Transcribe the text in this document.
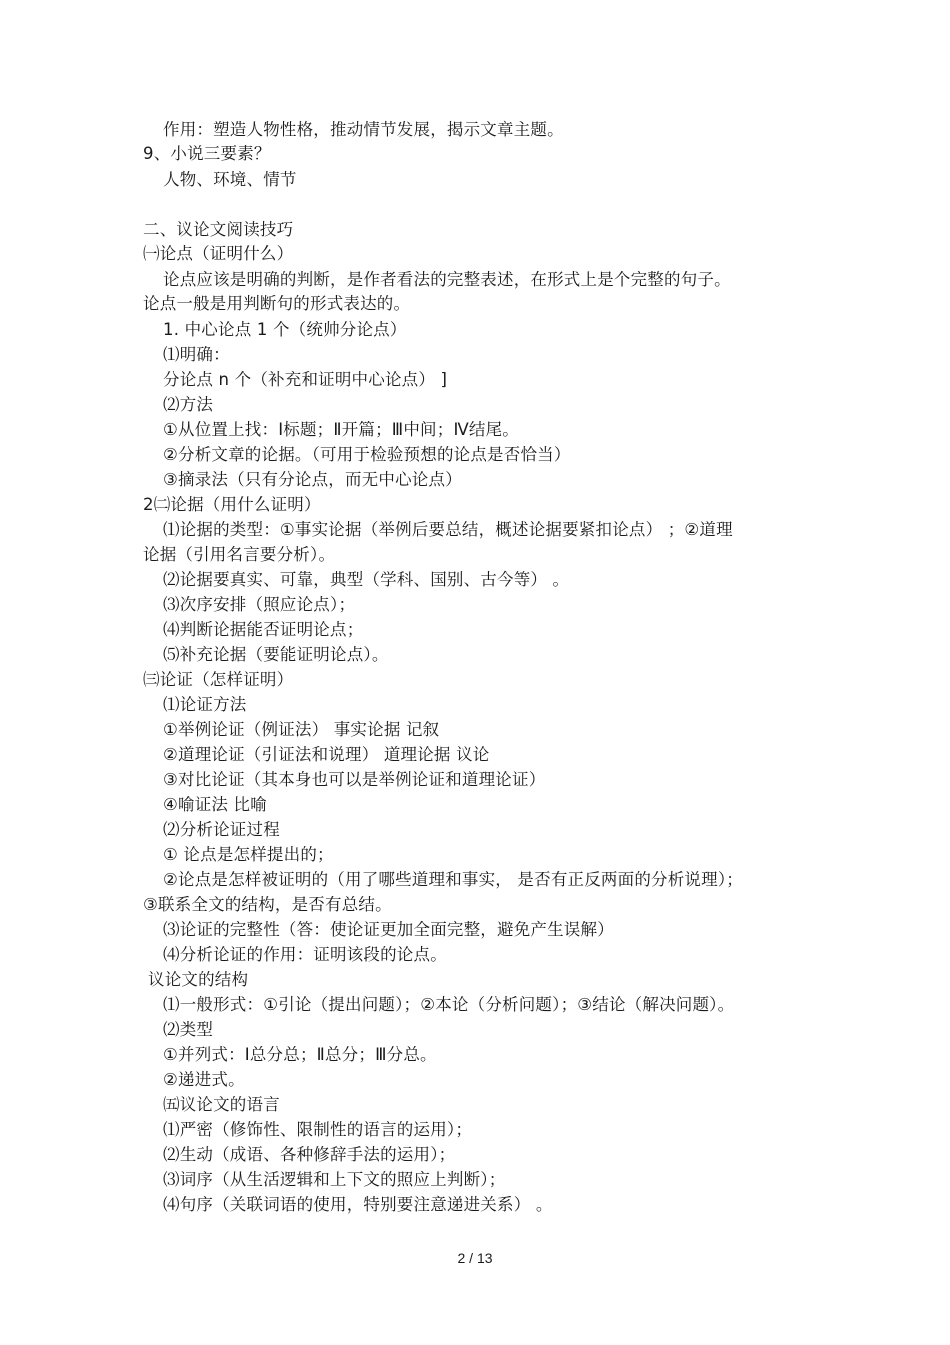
作用：塑造人物性格，推动情节发展，揭示文章主题。
9、小说三要素？
人物、环境、情节
二、议论文阅读技巧
㈠论点（证明什么）
论点应该是明确的判断，是作者看法的完整表述，在形式上是个完整的句子。
论点一般是用判断句的形式表达的。
1. 中心论点 1 个（统帅分论点）
⑴明确：
分论点 n 个（补充和证明中心论点） ]
⑵方法
①从位置上找：Ⅰ标题；Ⅱ开篇；Ⅲ中间；Ⅳ结尾。
②分析文章的论据。（可用于检验预想的论点是否恰当）
③摘录法（只有分论点，而无中心论点）
2㈡论据（用什么证明）
⑴论据的类型：①事实论据（举例后要总结，概述论据要紧扣论点） ；②道理
论据（引用名言要分析）。
⑵论据要真实、可靠，典型（学科、国别、古今等） 。
⑶次序安排（照应论点）；
⑷判断论据能否证明论点；
⑸补充论据（要能证明论点）。
㈢论证（怎样证明）
⑴论证方法
①举例论证（例证法） 事实论据 记叙
②道理论证（引证法和说理） 道理论据 议论
③对比论证（其本身也可以是举例论证和道理论证）
④喻证法 比喻
⑵分析论证过程
① 论点是怎样提出的；
②论点是怎样被证明的（用了哪些道理和事实， 是否有正反两面的分析说理）；
③联系全文的结构，是否有总结。
⑶论证的完整性（答：使论证更加全面完整，避免产生误解）
⑷分析论证的作用：证明该段的论点。
议论文的结构
⑴一般形式：①引论（提出问题）；②本论（分析问题）；③结论（解决问题）。
⑵类型
①并列式：Ⅰ总分总；Ⅱ总分；Ⅲ分总。
②递进式。
㈤议论文的语言
⑴严密（修饰性、限制性的语言的运用）；
⑵生动（成语、各种修辞手法的运用）；
⑶词序（从生活逻辑和上下文的照应上判断）；
⑷句序（关联词语的使用，特别要注意递进关系） 。
2 / 13
